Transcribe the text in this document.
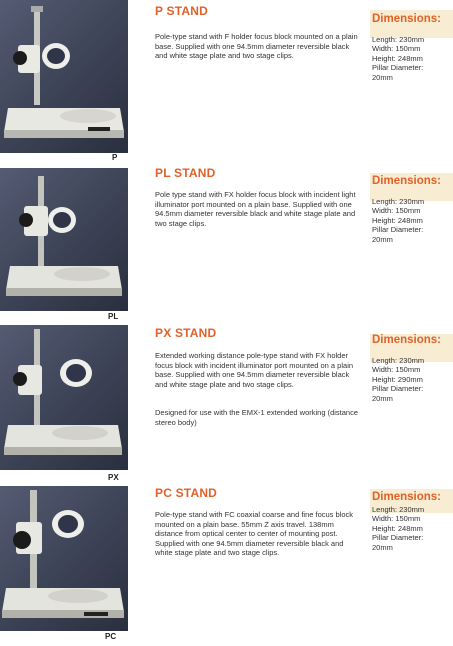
P
P STAND

Pole-type stand with F holder focus block mounted on a plain base. Supplied with one 94.5mm diameter reversible black and white stage plate and two stage clips.

Dimensions:
Length: 230mm
Width: 150mm
Height: 248mm
Pillar Diameter:
20mm
PL
PL STAND

Pole type stand with FX holder focus block with incident light illuminator port mounted on a plain base. Supplied with one 94.5mm diameter reversible black and white stage plate and two stage clips.

Dimensions:
Length: 230mm
Width: 150mm
Height: 248mm
Pillar Diameter:
20mm
PX
PX STAND

Extended working distance pole-type stand with FX holder focus block with incident illuminator port mounted on a plain base. Supplied with one 94.5mm diameter reversible black and white stage plate and two stage clips.

Designed for use with the EMX-1 extended working (distance stereo body)

Dimensions:
Length: 230mm
Width: 150mm
Height: 290mm
Pillar Diameter:
20mm
PC
PC STAND

Pole-type stand with FC coaxial coarse and fine focus block mounted on a plain base. 55mm Z axis travel. 138mm distance from optical center to center of mounting post. Supplied with one 94.5mm diameter reversible black and white stage plate and two stage clips.

Dimensions:
Length: 230mm
Width: 150mm
Height: 248mm
Pillar Diameter:
20mm
